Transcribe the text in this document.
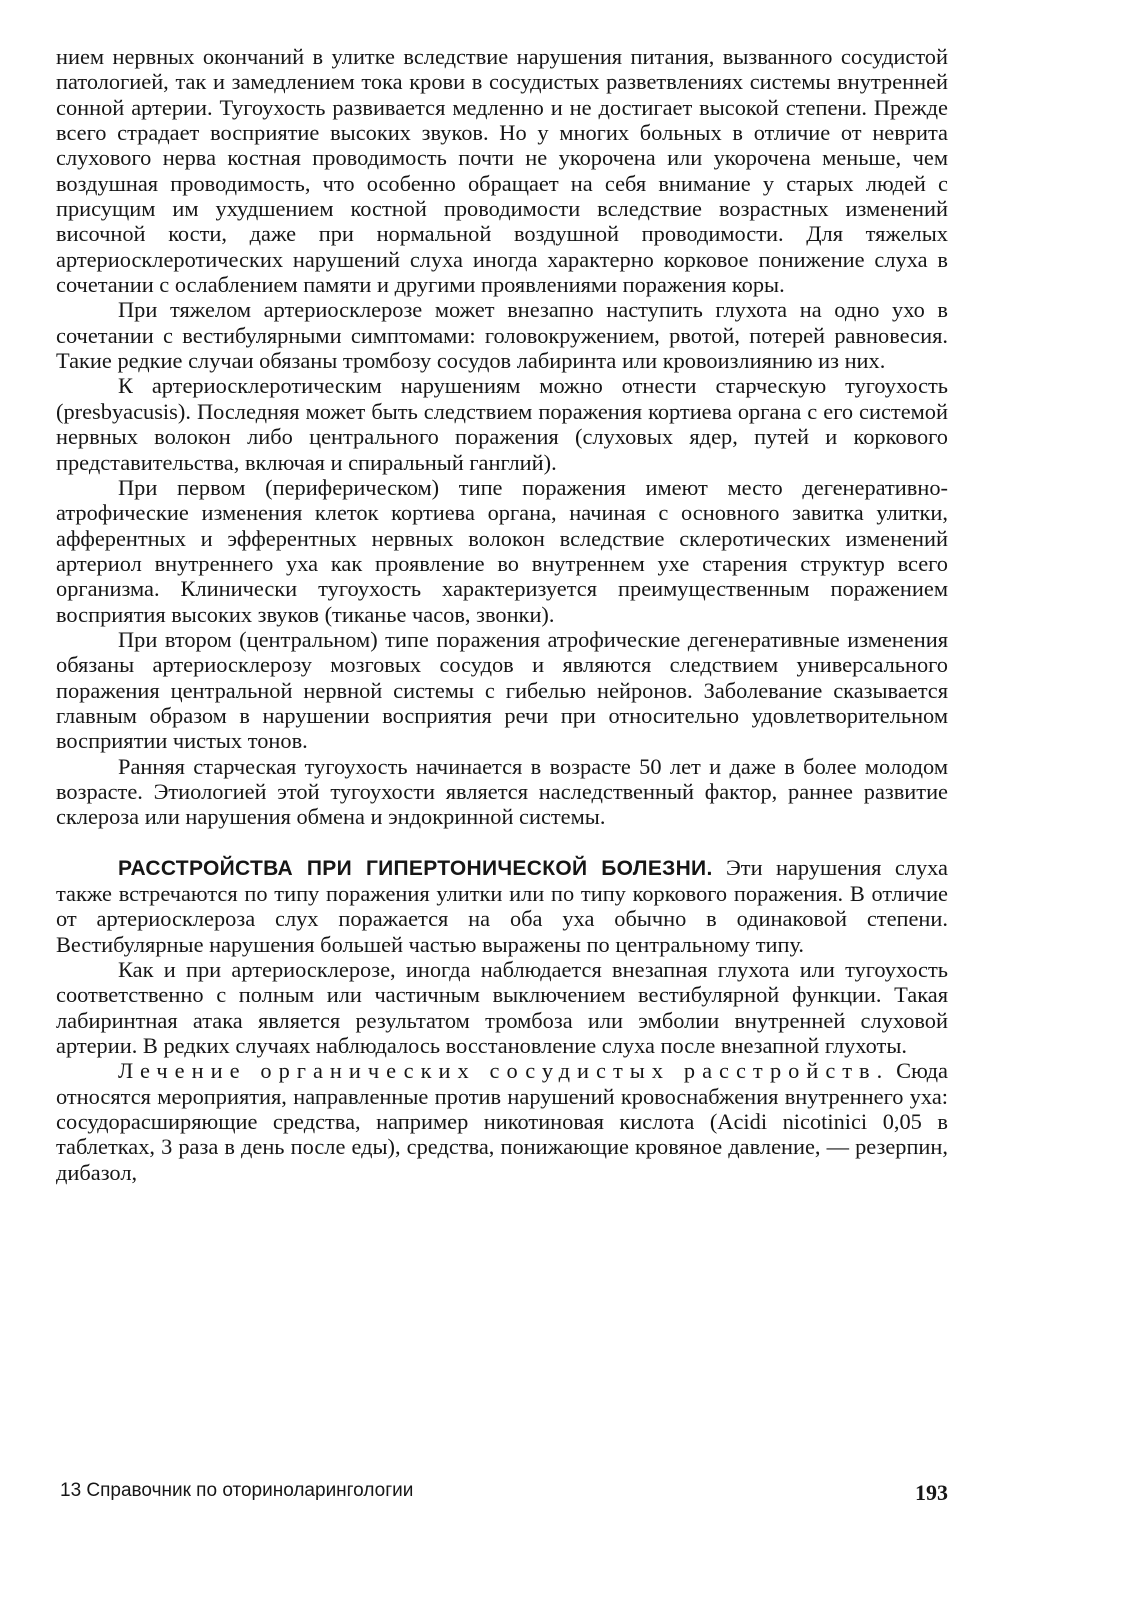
нием нервных окончаний в улитке вследствие нарушения питания, вызванного сосудистой патологией, так и замедлением тока крови в сосудистых разветвлениях системы внутренней сонной артерии. Тугоухость развивается медленно и не достигает высокой степени. Прежде всего страдает восприятие высоких звуков. Но у многих больных в отличие от неврита слухового нерва костная проводимость почти не укорочена или укорочена меньше, чем воздушная проводимость, что особенно обращает на себя внимание у старых людей с присущим им ухудшением костной проводимости вследствие возрастных изменений височной кости, даже при нормальной воздушной проводимости. Для тяжелых артериосклеротических нарушений слуха иногда характерно корковое понижение слуха в сочетании с ослаблением памяти и другими проявлениями поражения коры.

При тяжелом артериосклерозе может внезапно наступить глухота на одно ухо в сочетании с вестибулярными симптомами: головокружением, рвотой, потерей равновесия. Такие редкие случаи обязаны тромбозу сосудов лабиринта или кровоизлиянию из них.

К артериосклеротическим нарушениям можно отнести старческую тугоухость (presbyacusis). Последняя может быть следствием поражения кортиева органа с его системой нервных волокон либо центрального поражения (слуховых ядер, путей и коркового представительства, включая и спиральный ганглий).

При первом (периферическом) типе поражения имеют место дегенеративно-атрофические изменения клеток кортиева органа, начиная с основного завитка улитки, афферентных и эфферентных нервных волокон вследствие склеротических изменений артериол внутреннего уха как проявление во внутреннем ухе старения структур всего организма. Клинически тугоухость характеризуется преимущественным поражением восприятия высоких звуков (тиканье часов, звонки).

При втором (центральном) типе поражения атрофические дегенеративные изменения обязаны артериосклерозу мозговых сосудов и являются следствием универсального поражения центральной нервной системы с гибелью нейронов. Заболевание сказывается главным образом в нарушении восприятия речи при относительно удовлетворительном восприятии чистых тонов.

Ранняя старческая тугоухость начинается в возрасте 50 лет и даже в более молодом возрасте. Этиологией этой тугоухости является наследственный фактор, раннее развитие склероза или нарушения обмена и эндокринной системы.

РАССТРОЙСТВА ПРИ ГИПЕРТОНИЧЕСКОЙ БОЛЕЗНИ. Эти нарушения слуха также встречаются по типу поражения улитки или по типу коркового поражения. В отличие от артериосклероза слух поражается на оба уха обычно в одинаковой степени. Вестибулярные нарушения большей частью выражены по центральному типу.

Как и при артериосклерозе, иногда наблюдается внезапная глухота или тугоухость соответственно с полным или частичным выключением вестибулярной функции. Такая лабиринтная атака является результатом тромбоза или эмболии внутренней слуховой артерии. В редких случаях наблюдалось восстановление слуха после внезапной глухоты.

Лечение органических сосудистых расстройств. Сюда относятся мероприятия, направленные против нарушений кровоснабжения внутреннего уха: сосудорасширяющие средства, например никотиновая кислота (Acidi nicotinici 0,05 в таблетках, 3 раза в день после еды), средства, понижающие кровяное давление, — резерпин, дибазол,

13 Справочник по оториноларингологии	193
